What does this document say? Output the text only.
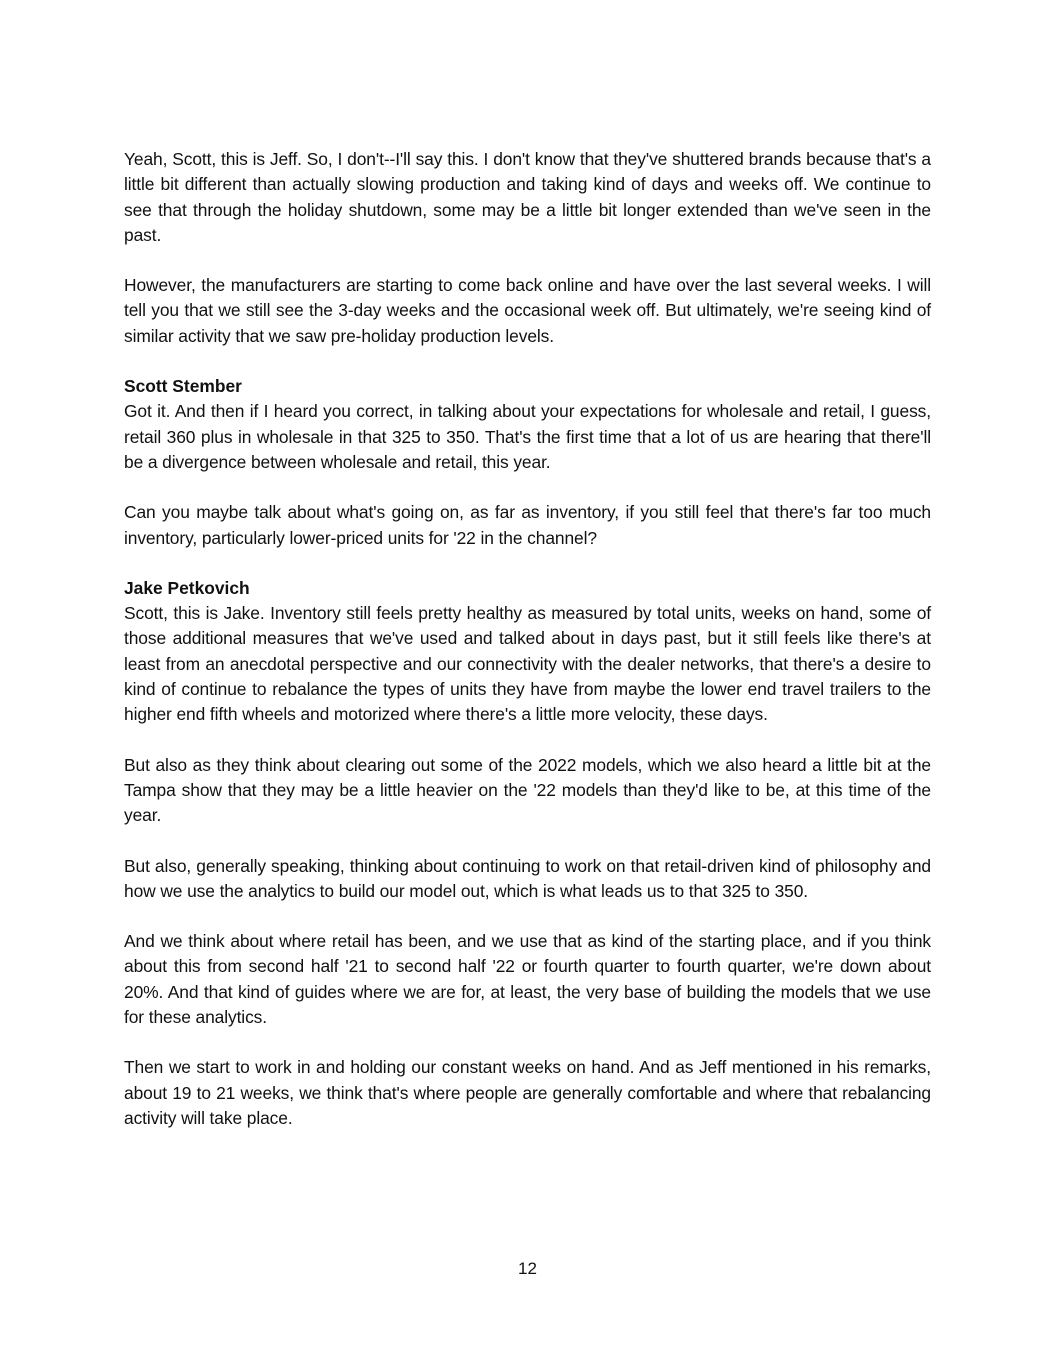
Yeah, Scott, this is Jeff. So, I don't--I'll say this. I don't know that they've shuttered brands because that's a little bit different than actually slowing production and taking kind of days and weeks off. We continue to see that through the holiday shutdown, some may be a little bit longer extended than we've seen in the past.

However, the manufacturers are starting to come back online and have over the last several weeks. I will tell you that we still see the 3-day weeks and the occasional week off. But ultimately, we're seeing kind of similar activity that we saw pre-holiday production levels.

Scott Stember

Got it. And then if I heard you correct, in talking about your expectations for wholesale and retail, I guess, retail 360 plus in wholesale in that 325 to 350. That's the first time that a lot of us are hearing that there'll be a divergence between wholesale and retail, this year.

Can you maybe talk about what's going on, as far as inventory, if you still feel that there's far too much inventory, particularly lower-priced units for '22 in the channel?

Jake Petkovich

Scott, this is Jake. Inventory still feels pretty healthy as measured by total units, weeks on hand, some of those additional measures that we've used and talked about in days past, but it still feels like there's at least from an anecdotal perspective and our connectivity with the dealer networks, that there's a desire to kind of continue to rebalance the types of units they have from maybe the lower end travel trailers to the higher end fifth wheels and motorized where there's a little more velocity, these days.

But also as they think about clearing out some of the 2022 models, which we also heard a little bit at the Tampa show that they may be a little heavier on the '22 models than they'd like to be, at this time of the year.

But also, generally speaking, thinking about continuing to work on that retail-driven kind of philosophy and how we use the analytics to build our model out, which is what leads us to that 325 to 350.

And we think about where retail has been, and we use that as kind of the starting place, and if you think about this from second half '21 to second half '22 or fourth quarter to fourth quarter, we're down about 20%. And that kind of guides where we are for, at least, the very base of building the models that we use for these analytics.

Then we start to work in and holding our constant weeks on hand. And as Jeff mentioned in his remarks, about 19 to 21 weeks, we think that's where people are generally comfortable and where that rebalancing activity will take place.

12
